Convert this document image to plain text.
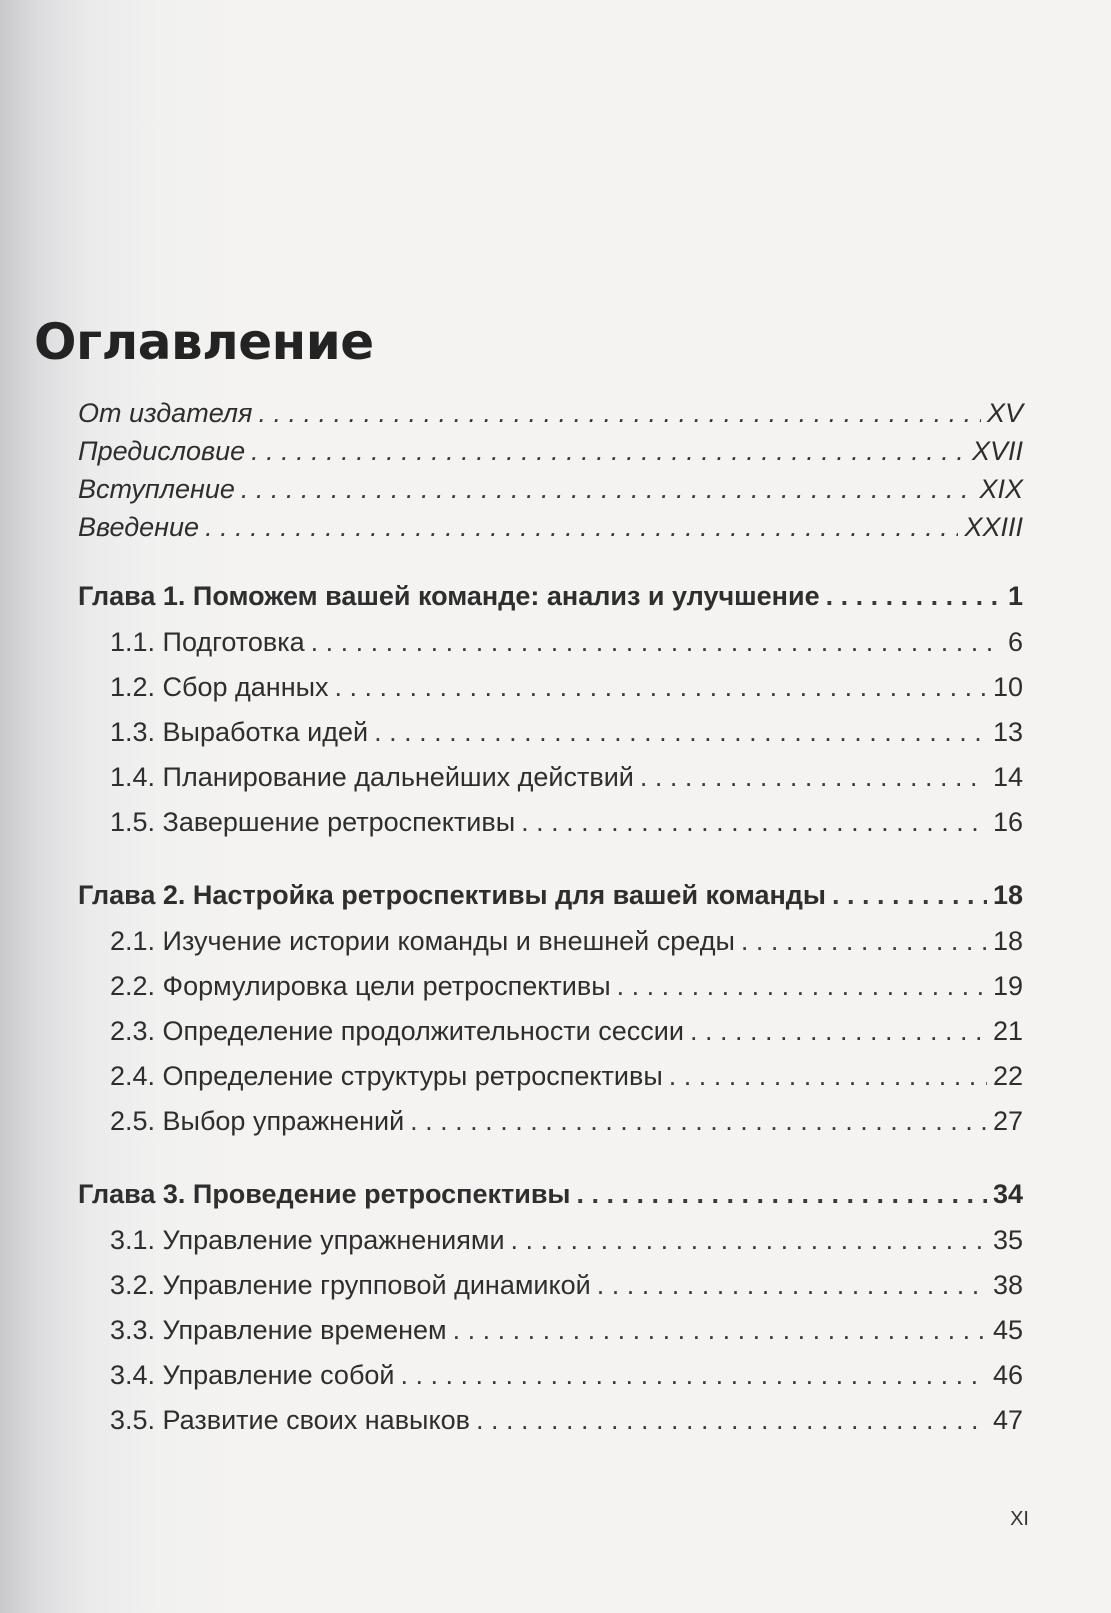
Оглавление
От издателя . . .	XV
Предисловие . . .	XVII
Вступление . . .	XIX
Введение . . .	XXIII
Глава 1. Поможем вашей команде: анализ и улучшение . . .	1
1.1. Подготовка . . .	6
1.2. Сбор данных . . .	10
1.3. Выработка идей . . .	13
1.4. Планирование дальнейших действий . . .	14
1.5. Завершение ретроспективы . . .	16
Глава 2. Настройка ретроспективы для вашей команды . . .	18
2.1. Изучение истории команды и внешней среды . . .	18
2.2. Формулировка цели ретроспективы . . .	19
2.3. Определение продолжительности сессии . . .	21
2.4. Определение структуры ретроспективы . . .	22
2.5. Выбор упражнений . . .	27
Глава 3. Проведение ретроспективы . . .	34
3.1. Управление упражнениями . . .	35
3.2. Управление групповой динамикой . . .	38
3.3. Управление временем . . .	45
3.4. Управление собой . . .	46
3.5. Развитие своих навыков . . .	47
XI
